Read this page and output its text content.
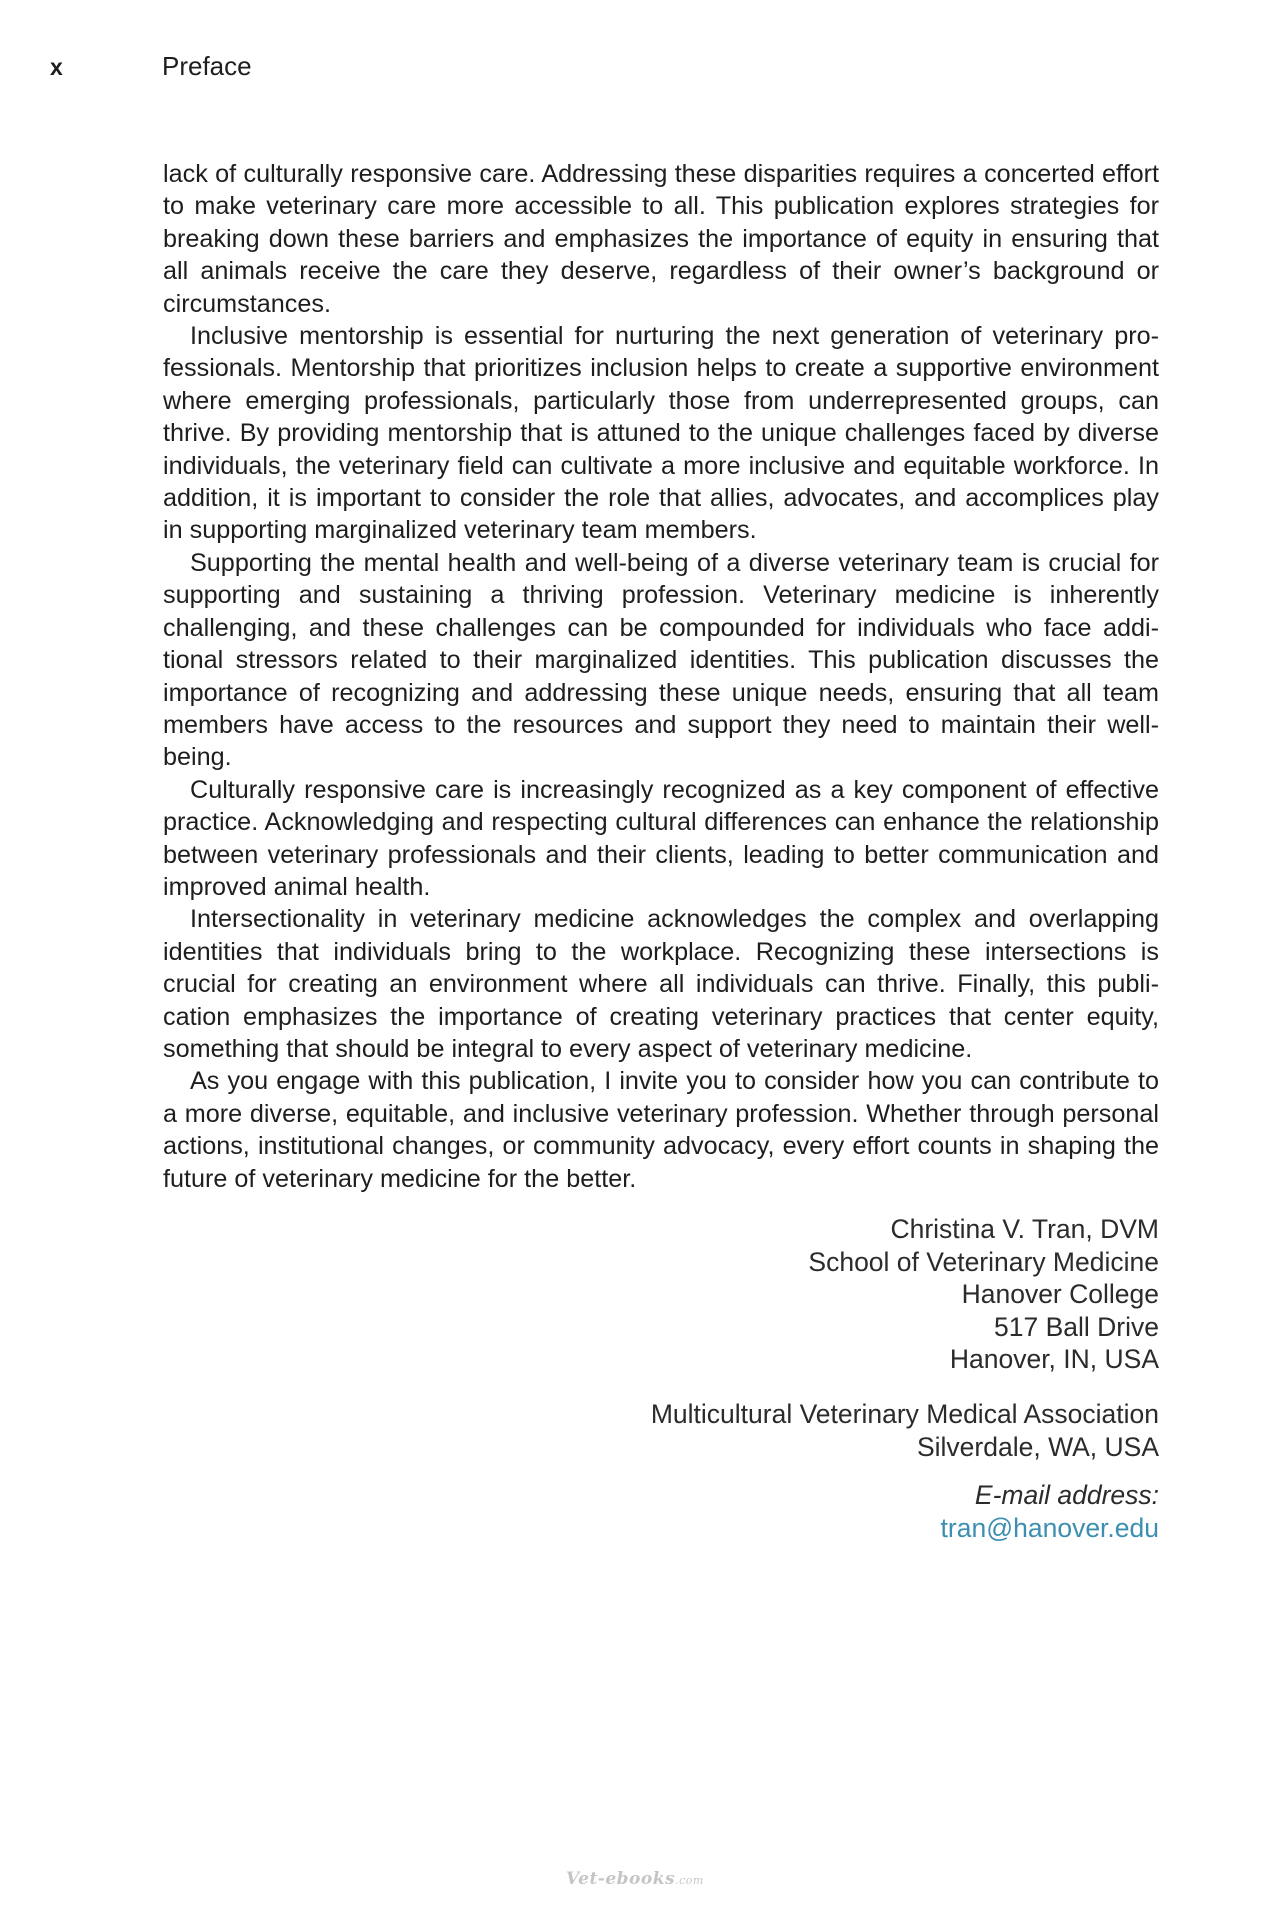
x	Preface

lack of culturally responsive care. Addressing these disparities requires a concerted effort to make veterinary care more accessible to all. This publication explores strategies for breaking down these barriers and emphasizes the importance of equity in ensuring that all animals receive the care they deserve, regardless of their owner’s background or circumstances.

Inclusive mentorship is essential for nurturing the next generation of veterinary professionals. Mentorship that prioritizes inclusion helps to create a supportive environment where emerging professionals, particularly those from underrepresented groups, can thrive. By providing mentorship that is attuned to the unique challenges faced by diverse individuals, the veterinary field can cultivate a more inclusive and equitable workforce. In addition, it is important to consider the role that allies, advocates, and accomplices play in supporting marginalized veterinary team members.

Supporting the mental health and well-being of a diverse veterinary team is crucial for supporting and sustaining a thriving profession. Veterinary medicine is inherently challenging, and these challenges can be compounded for individuals who face additional stressors related to their marginalized identities. This publication discusses the importance of recognizing and addressing these unique needs, ensuring that all team members have access to the resources and support they need to maintain their well-being.

Culturally responsive care is increasingly recognized as a key component of effective practice. Acknowledging and respecting cultural differences can enhance the relationship between veterinary professionals and their clients, leading to better communication and improved animal health.

Intersectionality in veterinary medicine acknowledges the complex and overlapping identities that individuals bring to the workplace. Recognizing these intersections is crucial for creating an environment where all individuals can thrive. Finally, this publication emphasizes the importance of creating veterinary practices that center equity, something that should be integral to every aspect of veterinary medicine.

As you engage with this publication, I invite you to consider how you can contribute to a more diverse, equitable, and inclusive veterinary profession. Whether through personal actions, institutional changes, or community advocacy, every effort counts in shaping the future of veterinary medicine for the better.

Christina V. Tran, DVM
School of Veterinary Medicine
Hanover College
517 Ball Drive
Hanover, IN, USA
Multicultural Veterinary Medical Association
Silverdale, WA, USA
E-mail address:
tran@hanover.edu
Vet-ebooks.com
